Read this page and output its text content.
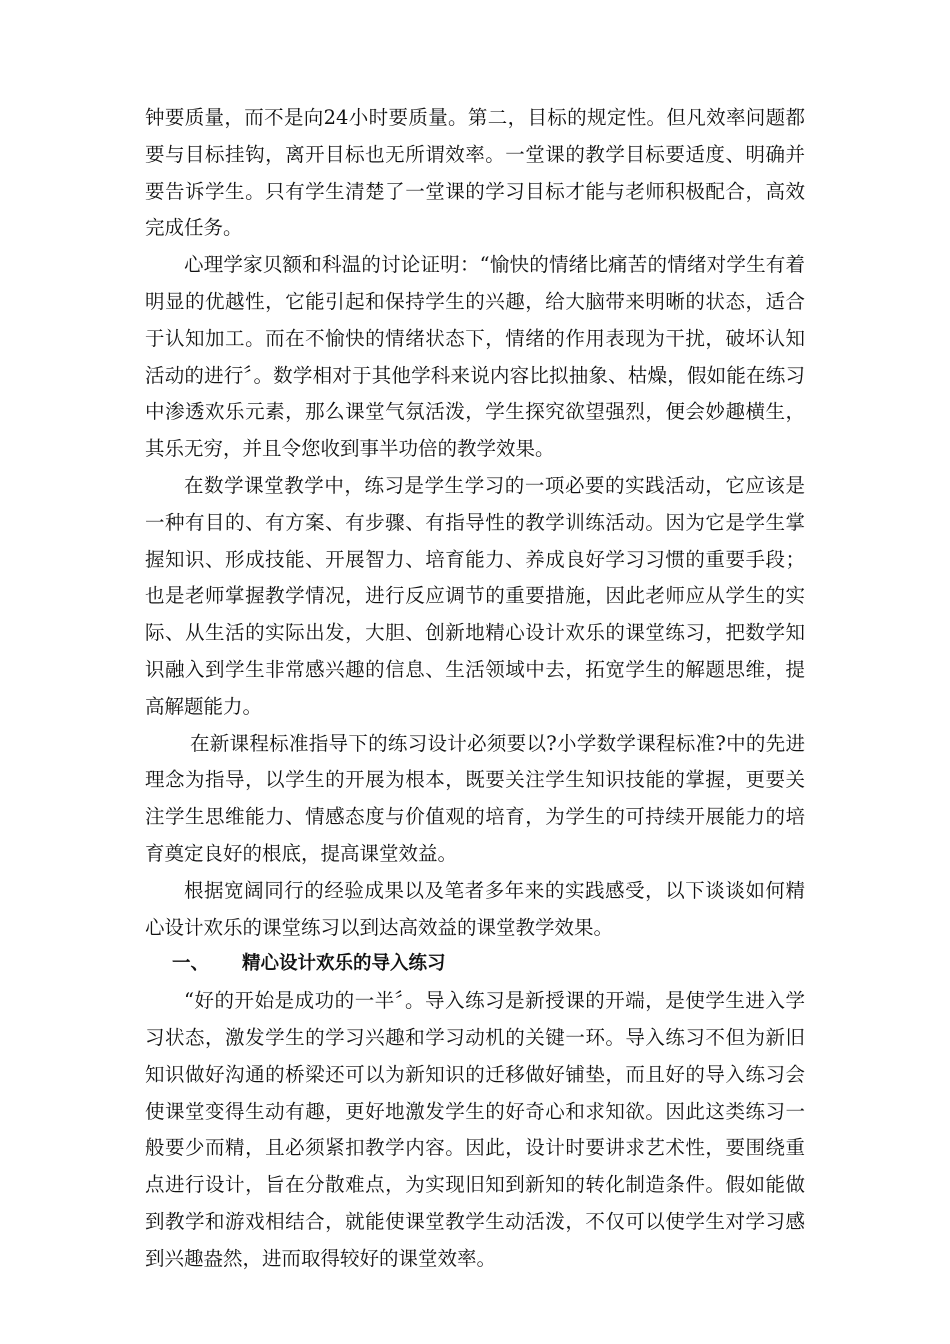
钟要质量，而不是向24小时要质量。第二，目标的规定性。但凡效率问题都要与目标挂钩，离开目标也无所谓效率。一堂课的教学目标要适度、明确并要告诉学生。只有学生清楚了一堂课的学习目标才能与老师积极配合，高效完成任务。

心理学家贝额和科温的讨论证明：“愉快的情绪比痛苦的情绪对学生有着明显的优越性，它能引起和保持学生的兴趣，给大脑带来明晰的状态，适合于认知加工。而在不愉快的情绪状态下，情绪的作用表现为干扰，破坏认知活动的进行〞。数学相对于其他学科来说内容比拟抽象、枯燥，假如能在练习中渗透欢乐元素，那么课堂气氛活泼，学生探究欲望强烈，便会妙趣横生，其乐无穷，并且令您收到事半功倍的教学效果。

在数学课堂教学中，练习是学生学习的一项必要的实践活动，它应该是一种有目的、有方案、有步骤、有指导性的教学训练活动。因为它是学生掌握知识、形成技能、开展智力、培育能力、养成良好学习习惯的重要手段；也是老师掌握教学情况，进行反应调节的重要措施，因此老师应从学生的实际、从生活的实际出发，大胆、创新地精心设计欢乐的课堂练习，把数学知识融入到学生非常感兴趣的信息、生活领域中去，拓宽学生的解题思维，提高解题能力。

在新课程标准指导下的练习设计必须要以?小学数学课程标准?中的先进理念为指导，以学生的开展为根本，既要关注学生知识技能的掌握，更要关注学生思维能力、情感态度与价值观的培育，为学生的可持续开展能力的培育奠定良好的根底，提高课堂效益。

根据宽阔同行的经验成果以及笔者多年来的实践感受，以下谈谈如何精心设计欢乐的课堂练习以到达高效益的课堂教学效果。

一、	精心设计欢乐的导入练习

“好的开始是成功的一半〞。导入练习是新授课的开端，是使学生进入学习状态，激发学生的学习兴趣和学习动机的关键一环。导入练习不但为新旧知识做好沟通的桥梁还可以为新知识的迁移做好铺垫，而且好的导入练习会使课堂变得生动有趣，更好地激发学生的好奇心和求知欲。因此这类练习一般要少而精，且必须紧扣教学内容。因此，设计时要讲求艺术性，要围绕重点进行设计，旨在分散难点，为实现旧知到新知的转化制造条件。假如能做到教学和游戏相结合，就能使课堂教学生动活泼，不仅可以使学生对学习感到兴趣盎然，进而取得较好的课堂效率。
